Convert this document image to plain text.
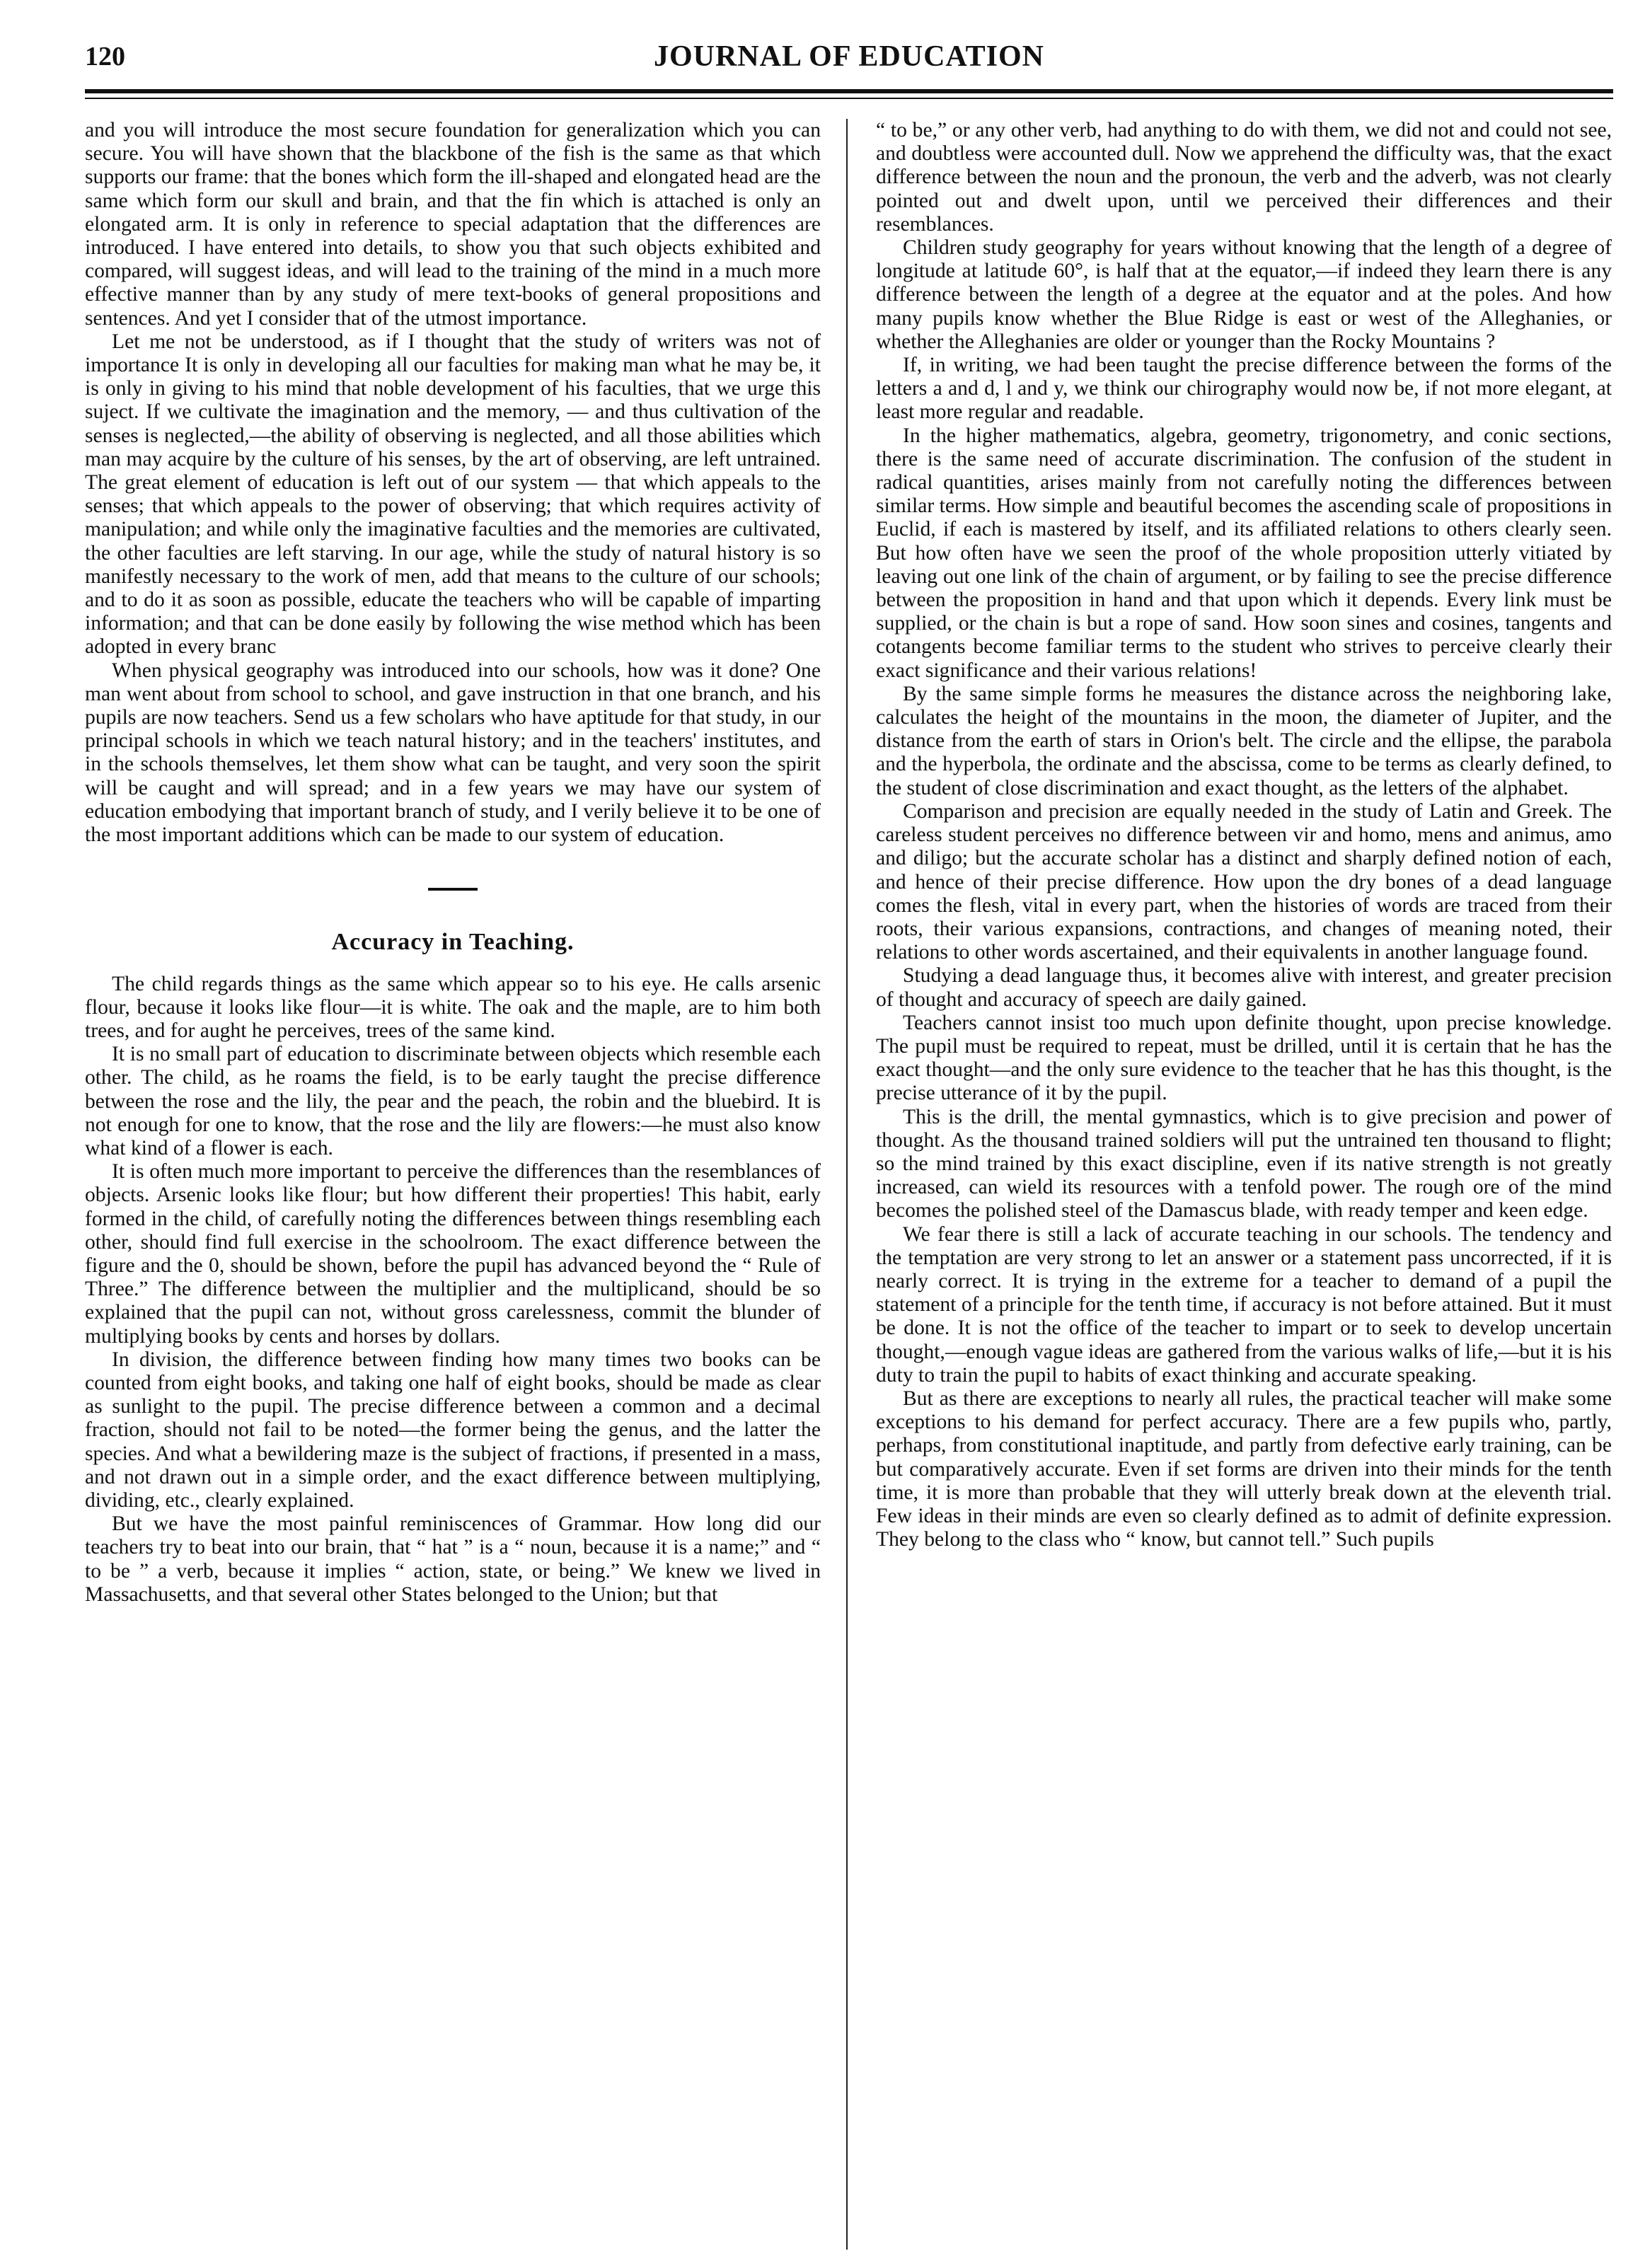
120	JOURNAL OF EDUCATION

and you will introduce the most secure foundation for generalization which you can secure. You will have shown that the blackbone of the fish is the same as that which supports our frame: that the bones which form the ill-shaped and elongated head are the same which form our skull and brain, and that the fin which is attached is only an elongated arm. It is only in reference to special adaptation that the differences are introduced. I have entered into details, to show you that such objects exhibited and compared, will suggest ideas, and will lead to the training of the mind in a much more effective manner than by any study of mere text-books of general propositions and sentences. And yet I consider that of the utmost importance.

Let me not be understood, as if I thought that the study of writers was not of importance It is only in developing all our faculties for making man what he may be, it is only in giving to his mind that noble development of his faculties, that we urge this suject. If we cultivate the imagination and the memory, — and thus cultivation of the senses is neglected,—the ability of observing is neglected, and all those abilities which man may acquire by the culture of his senses, by the art of observing, are left untrained. The great element of education is left out of our system — that which appeals to the senses; that which appeals to the power of observing; that which requires activity of manipulation; and while only the imaginative faculties and the memories are cultivated, the other faculties are left starving. In our age, while the study of natural history is so manifestly necessary to the work of men, add that means to the culture of our schools; and to do it as soon as possible, educate the teachers who will be capable of imparting information; and that can be done easily by following the wise method which has been adopted in every branc

When physical geography was introduced into our schools, how was it done? One man went about from school to school, and gave instruction in that one branch, and his pupils are now teachers. Send us a few scholars who have aptitude for that study, in our principal schools in which we teach natural history; and in the teachers' institutes, and in the schools themselves, let them show what can be taught, and very soon the spirit will be caught and will spread; and in a few years we may have our system of education embodying that important branch of study, and I verily believe it to be one of the most important additions which can be made to our system of education.

Accuracy in Teaching.

The child regards things as the same which appear so to his eye. He calls arsenic flour, because it looks like flour—it is white. The oak and the maple, are to him both trees, and for aught he perceives, trees of the same kind.

It is no small part of education to discriminate between objects which resemble each other. The child, as he roams the field, is to be early taught the precise difference between the rose and the lily, the pear and the peach, the robin and the bluebird. It is not enough for one to know, that the rose and the lily are flowers:—he must also know what kind of a flower is each.

It is often much more important to perceive the differences than the resemblances of objects. Arsenic looks like flour; but how different their properties! This habit, early formed in the child, of carefully noting the differences between things resembling each other, should find full exercise in the schoolroom. The exact difference between the figure and the 0, should be shown, before the pupil has advanced beyond the “ Rule of Three.” The difference between the multiplier and the multiplicand, should be so explained that the pupil can not, without gross carelessness, commit the blunder of multiplying books by cents and horses by dollars.

In division, the difference between finding how many times two books can be counted from eight books, and taking one half of eight books, should be made as clear as sunlight to the pupil. The precise difference between a common and a decimal fraction, should not fail to be noted—the former being the genus, and the latter the species. And what a bewildering maze is the subject of fractions, if presented in a mass, and not drawn out in a simple order, and the exact difference between multiplying, dividing, etc., clearly explained.

But we have the most painful reminiscences of Grammar. How long did our teachers try to beat into our brain, that “ hat ” is a “ noun, because it is a name;” and “ to be ” a verb, because it implies “ action, state, or being.” We knew we lived in Massachusetts, and that several other States belonged to the Union; but that

“ to be,” or any other verb, had anything to do with them, we did not and could not see, and doubtless were accounted dull. Now we apprehend the difficulty was, that the exact difference between the noun and the pronoun, the verb and the adverb, was not clearly pointed out and dwelt upon, until we perceived their differences and their resemblances.

Children study geography for years without knowing that the length of a degree of longitude at latitude 60°, is half that at the equator,—if indeed they learn there is any difference between the length of a degree at the equator and at the poles. And how many pupils know whether the Blue Ridge is east or west of the Alleghanies, or whether the Alleghanies are older or younger than the Rocky Mountains ?

If, in writing, we had been taught the precise difference between the forms of the letters a and d, l and y, we think our chirography would now be, if not more elegant, at least more regular and readable.

In the higher mathematics, algebra, geometry, trigonometry, and conic sections, there is the same need of accurate discrimination. The confusion of the student in radical quantities, arises mainly from not carefully noting the differences between similar terms. How simple and beautiful becomes the ascending scale of propositions in Euclid, if each is mastered by itself, and its affiliated relations to others clearly seen. But how often have we seen the proof of the whole proposition utterly vitiated by leaving out one link of the chain of argument, or by failing to see the precise difference between the proposition in hand and that upon which it depends. Every link must be supplied, or the chain is but a rope of sand. How soon sines and cosines, tangents and cotangents become familiar terms to the student who strives to perceive clearly their exact significance and their various relations!

By the same simple forms he measures the distance across the neighboring lake, calculates the height of the mountains in the moon, the diameter of Jupiter, and the distance from the earth of stars in Orion's belt. The circle and the ellipse, the parabola and the hyperbola, the ordinate and the abscissa, come to be terms as clearly defined, to the student of close discrimination and exact thought, as the letters of the alphabet.

Comparison and precision are equally needed in the study of Latin and Greek. The careless student perceives no difference between vir and homo, mens and animus, amo and diligo; but the accurate scholar has a distinct and sharply defined notion of each, and hence of their precise difference. How upon the dry bones of a dead language comes the flesh, vital in every part, when the histories of words are traced from their roots, their various expansions, contractions, and changes of meaning noted, their relations to other words ascertained, and their equivalents in another language found.

Studying a dead language thus, it becomes alive with interest, and greater precision of thought and accuracy of speech are daily gained.

Teachers cannot insist too much upon definite thought, upon precise knowledge. The pupil must be required to repeat, must be drilled, until it is certain that he has the exact thought—and the only sure evidence to the teacher that he has this thought, is the precise utterance of it by the pupil.

This is the drill, the mental gymnastics, which is to give precision and power of thought. As the thousand trained soldiers will put the untrained ten thousand to flight; so the mind trained by this exact discipline, even if its native strength is not greatly increased, can wield its resources with a tenfold power. The rough ore of the mind becomes the polished steel of the Damascus blade, with ready temper and keen edge.

We fear there is still a lack of accurate teaching in our schools. The tendency and the temptation are very strong to let an answer or a statement pass uncorrected, if it is nearly correct. It is trying in the extreme for a teacher to demand of a pupil the statement of a principle for the tenth time, if accuracy is not before attained. But it must be done. It is not the office of the teacher to impart or to seek to develop uncertain thought,—enough vague ideas are gathered from the various walks of life,—but it is his duty to train the pupil to habits of exact thinking and accurate speaking.

But as there are exceptions to nearly all rules, the practical teacher will make some exceptions to his demand for perfect accuracy. There are a few pupils who, partly, perhaps, from constitutional inaptitude, and partly from defective early training, can be but comparatively accurate. Even if set forms are driven into their minds for the tenth time, it is more than probable that they will utterly break down at the eleventh trial. Few ideas in their minds are even so clearly defined as to admit of definite expression. They belong to the class who “ know, but cannot tell.” Such pupils
